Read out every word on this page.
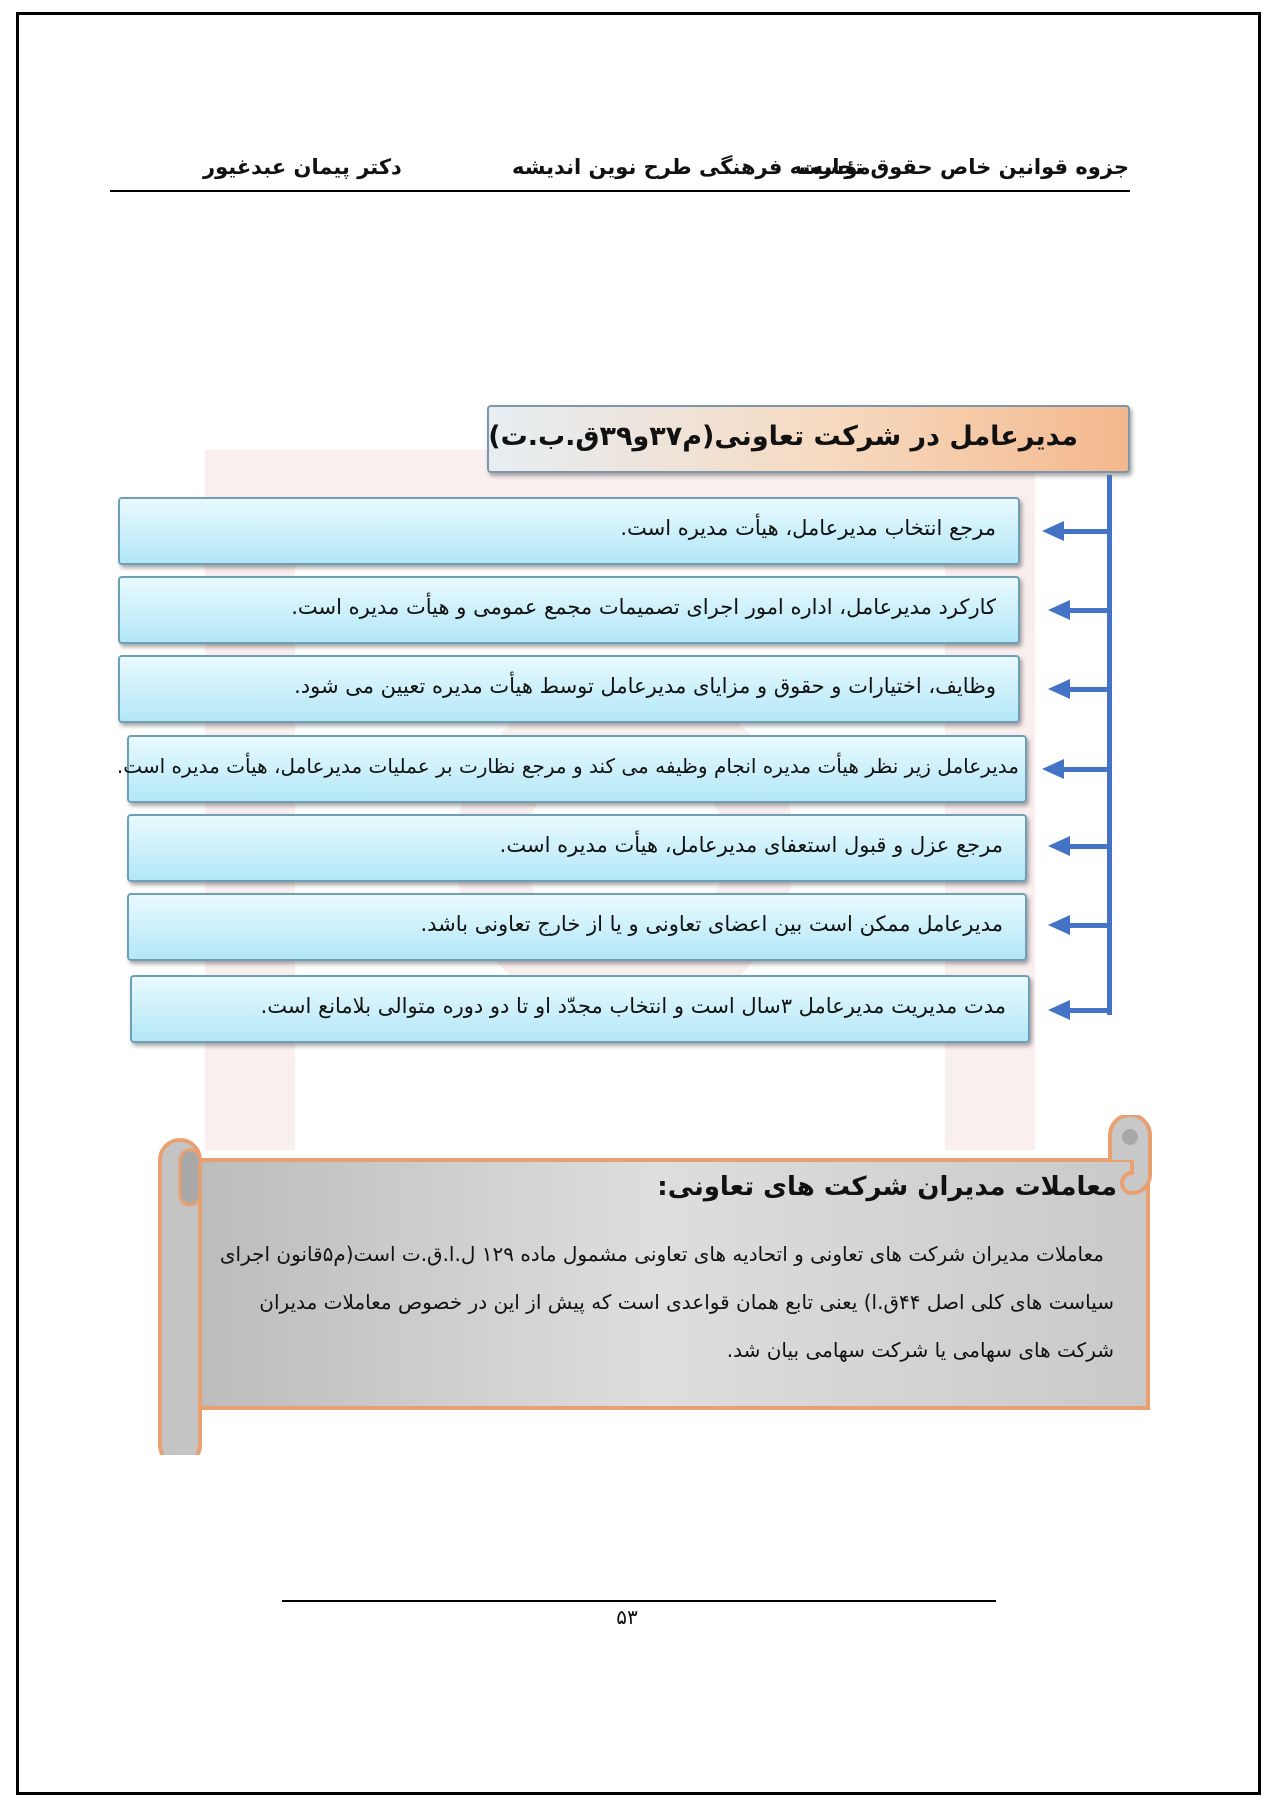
جزوه قوانین خاص حقوق تجارت
مؤسسه فرهنگی طرح نوین اندیشه
دکتر پیمان عبدغیور
مدیرعامل در شرکت تعاونی(م۳۷و۳۹ق.ب.ت)
مرجع انتخاب مدیرعامل، هیأت مدیره است.
کارکرد مدیرعامل، اداره امور اجرای تصمیمات مجمع عمومی و هیأت مدیره است.
وظایف، اختیارات و حقوق و مزایای مدیرعامل توسط هیأت مدیره تعیین می شود.
مدیرعامل زیر نظر هیأت مدیره انجام وظیفه می کند و مرجع نظارت بر عملیات مدیرعامل، هیأت مدیره است.
مرجع عزل و قبول استعفای مدیرعامل، هیأت مدیره است.
مدیرعامل ممکن است بین اعضای تعاونی و یا از خارج تعاونی باشد.
مدت مدیریت مدیرعامل ۳سال است و انتخاب مجدّد او تا دو دوره متوالی بلامانع است.
معاملات مدیران شرکت های تعاونی:
معاملات مدیران شرکت های تعاونی و اتحادیه های تعاونی مشمول ماده ۱۲۹ ل.ا.ق.ت است(م۵قانون اجرای
سیاست های کلی اصل ۴۴ق.ا) یعنی تابع همان قواعدی است که پیش از این در خصوص معاملات مدیران
شرکت های سهامی یا شرکت سهامی بیان شد.
۵۳
